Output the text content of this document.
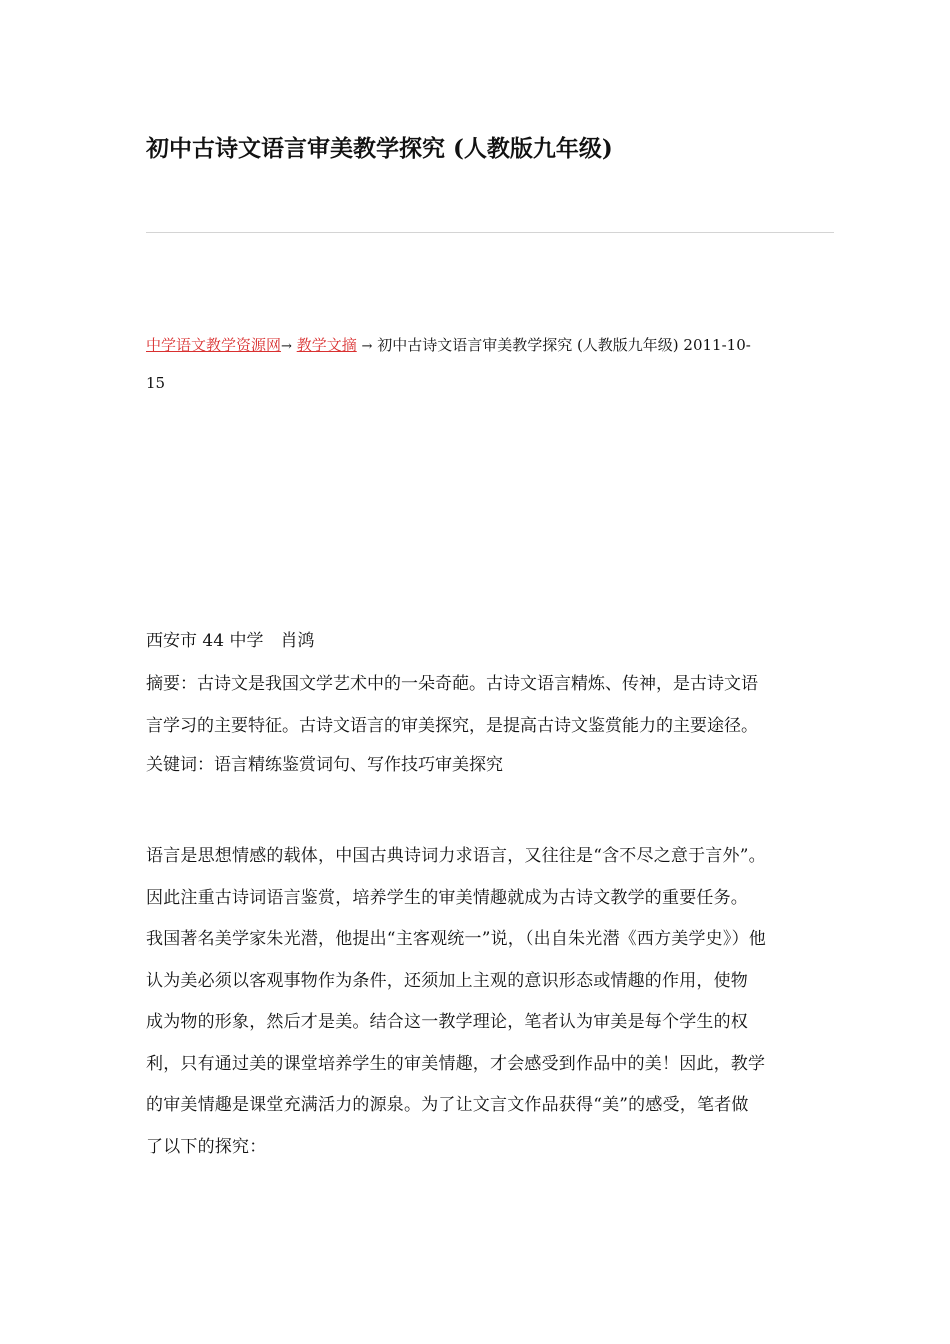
初中古诗文语言审美教学探究 (人教版九年级)
中学语文教学资源网→ 教学文摘 → 初中古诗文语言审美教学探究 (人教版九年级) 2011-10-
15
西安市 44 中学　肖鸿
摘要：古诗文是我国文学艺术中的一朵奇葩。古诗文语言精炼、传神，是古诗文语
言学习的主要特征。古诗文语言的审美探究，是提高古诗文鉴赏能力的主要途径。
关键词：语言精练鉴赏词句、写作技巧审美探究
语言是思想情感的载体，中国古典诗词力求语言，又往往是“含不尽之意于言外”。
因此注重古诗词语言鉴赏，培养学生的审美情趣就成为古诗文教学的重要任务。
我国著名美学家朱光潜，他提出“主客观统一”说，（出自朱光潜《西方美学史》）他
认为美必须以客观事物作为条件，还须加上主观的意识形态或情趣的作用，使物
成为物的形象，然后才是美。结合这一教学理论，笔者认为审美是每个学生的权
利，只有通过美的课堂培养学生的审美情趣，才会感受到作品中的美！因此，教学
的审美情趣是课堂充满活力的源泉。为了让文言文作品获得“美”的感受，笔者做
了以下的探究：
